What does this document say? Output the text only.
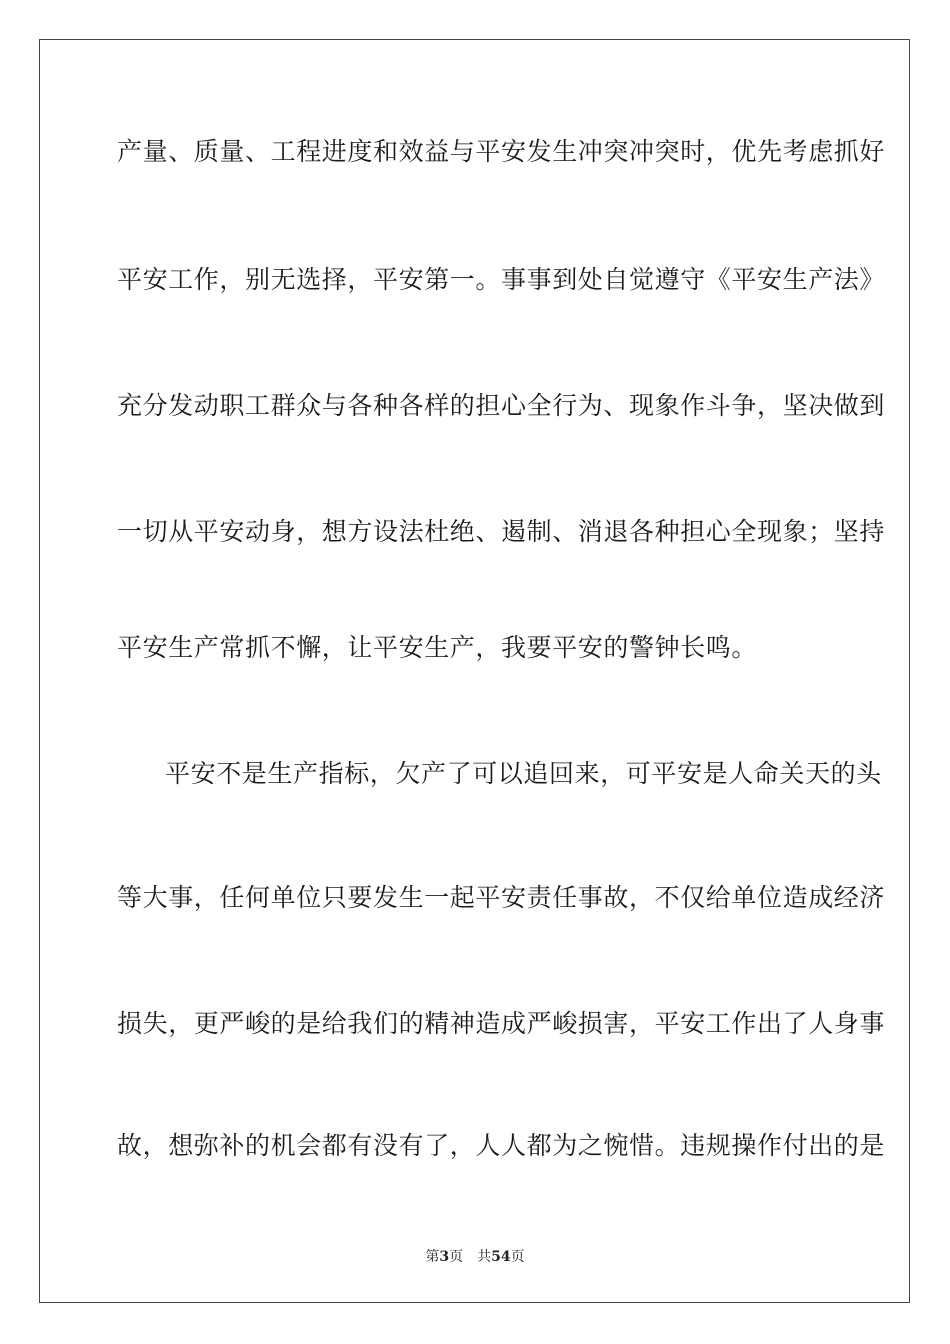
产量、质量、工程进度和效益与平安发生冲突冲突时，优先考虑抓好
平安工作，别无选择，平安第一。事事到处自觉遵守《平安生产法》
充分发动职工群众与各种各样的担心全行为、现象作斗争，坚决做到
一切从平安动身，想方设法杜绝、遏制、消退各种担心全现象；坚持
平安生产常抓不懈，让平安生产，我要平安的警钟长鸣。
平安不是生产指标，欠产了可以追回来，可平安是人命关天的头
等大事，任何单位只要发生一起平安责任事故，不仅给单位造成经济
损失，更严峻的是给我们的精神造成严峻损害，平安工作出了人身事
故，想弥补的机会都有没有了，人人都为之惋惜。违规操作付出的是
第3页 共54页
